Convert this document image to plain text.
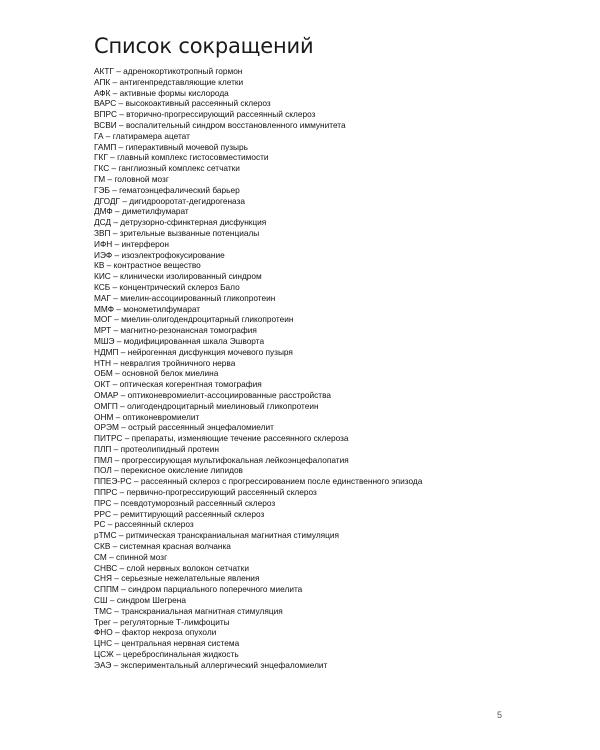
Список сокращений
АКТГ – адренокортикотропный гормон
АПК – антигенпредставляющие клетки
АФК – активные формы кислорода
ВАРС – высокоактивный рассеянный склероз
ВПРС – вторично-прогрессирующий рассеянный склероз
ВСВИ – воспалительный синдром восстановленного иммунитета
ГА – глатирамера ацетат
ГАМП – гиперактивный мочевой пузырь
ГКГ – главный комплекс гистосовместимости
ГКС – ганглиозный комплекс сетчатки
ГМ – головной мозг
ГЭБ – гематоэнцефалический барьер
ДГОДГ – дигидрооротат-дегидрогеназа
ДМФ – диметилфумарат
ДСД – детрузорно-сфинктерная дисфункция
ЗВП – зрительные вызванные потенциалы
ИФН – интерферон
ИЭФ – изоэлектрофокусирование
КВ – контрастное вещество
КИС – клинически изолированный синдром
КСБ – концентрический склероз Бало
МАГ – миелин-ассоциированный гликопротеин
ММФ – монометилфумарат
МОГ – миелин-олигодендроцитарный гликопротеин
МРТ – магнитно-резонансная томография
МШЭ – модифицированная шкала Эшворта
НДМП – нейрогенная дисфункция мочевого пузыря
НТН – невралгия тройничного нерва
ОБМ – основной белок миелина
ОКТ – оптическая когерентная томография
ОМАР – оптиконевромиелит-ассоциированные расстройства
ОМГП – олигодендроцитарный миелиновый гликопротеин
ОНМ – оптиконевромиелит
ОРЭМ – острый рассеянный энцефаломиелит
ПИТРС – препараты, изменяющие течение рассеянного склероза
ПЛП – протеолипидный протеин
ПМЛ – прогрессирующая мультифокальная лейкоэнцефалопатия
ПОЛ – перекисное окисление липидов
ППЕЭ-РС – рассеянный склероз с прогрессированием после единственного эпизода
ППРС – первично-прогрессирующий рассеянный склероз
ПРС – псевдотуморозный рассеянный склероз
РРС – ремиттирующий рассеянный склероз
РС – рассеянный склероз
рТМС – ритмическая транскраниальная магнитная стимуляция
СКВ – системная красная волчанка
СМ – спинной мозг
СНВС – слой нервных волокон сетчатки
СНЯ – серьезные нежелательные явления
СППМ – синдром парциального поперечного миелита
СШ – синдром Шегрена
ТМС – транскраниальная магнитная стимуляция
Трег – регуляторные Т-лимфоциты
ФНО – фактор некроза опухоли
ЦНС – центральная нервная система
ЦСЖ – цереброспинальная жидкость
ЭАЭ – экспериментальный аллергический энцефаломиелит
5
